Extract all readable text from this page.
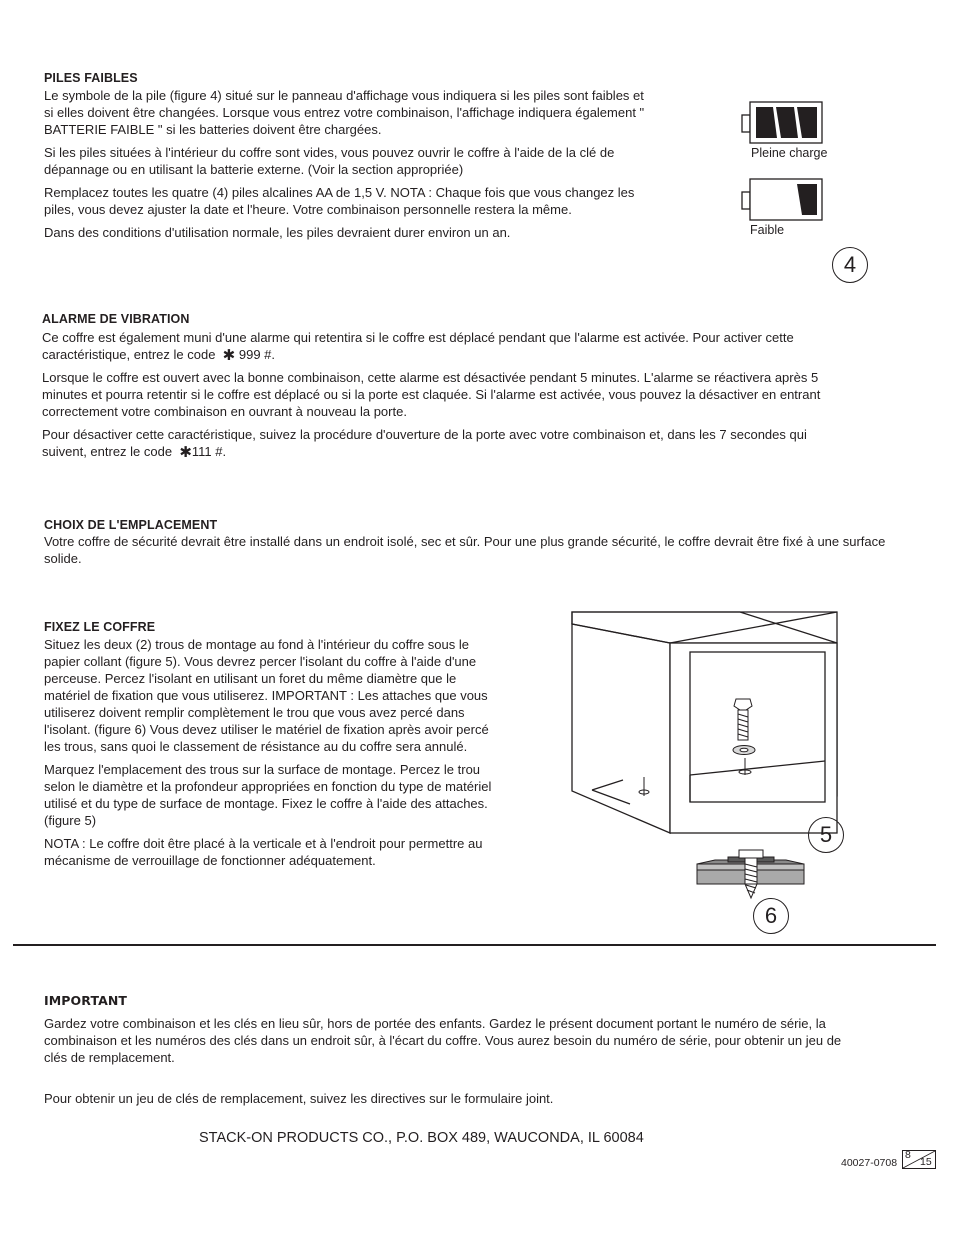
PILES FAIBLES

Le symbole de la pile (figure 4) situé sur le panneau d'affichage vous indiquera si les piles sont faibles et si elles doivent être changées. Lorsque vous entrez votre combinaison, l'affichage indiquera également " BATTERIE FAIBLE " si les batteries doivent être chargées.

Si les piles situées à l'intérieur du coffre sont vides, vous pouvez ouvrir le coffre à l'aide de la clé de dépannage ou en utilisant la batterie externe. (Voir la section appropriée)

Remplacez toutes les quatre (4) piles alcalines AA de 1,5 V. NOTA : Chaque fois que vous changez les piles, vous devez ajuster la date et l'heure. Votre combinaison personnelle restera la même.

Dans des conditions d'utilisation normale, les piles devraient durer environ un an.

Pleine charge
Faible
4
ALARME DE VIBRATION

Ce coffre est également muni d'une alarme qui retentira si le coffre est déplacé pendant que l'alarme est activée. Pour activer cette caractéristique, entrez le code ✱ 999 #.

Lorsque le coffre est ouvert avec la bonne combinaison, cette alarme est désactivée pendant 5 minutes. L'alarme se réactivera après 5 minutes et pourra retentir si le coffre est déplacé ou si la porte est claquée. Si l'alarme est activée, vous pouvez la désactiver en entrant correctement votre combinaison en ouvrant à nouveau la porte.

Pour désactiver cette caractéristique, suivez la procédure d'ouverture de la porte avec votre combinaison et, dans les 7 secondes qui suivent, entrez le code ✱111 #.

CHOIX DE L'EMPLACEMENT

Votre coffre de sécurité devrait être installé dans un endroit isolé, sec et sûr. Pour une plus grande sécurité, le coffre devrait être fixé à une surface solide.

FIXEZ LE COFFRE

Situez les deux (2) trous de montage au fond à l'intérieur du coffre sous le papier collant (figure 5). Vous devrez percer l'isolant du coffre à l'aide d'une perceuse. Percez l'isolant en utilisant un foret du même diamètre que le matériel de fixation que vous utiliserez. IMPORTANT : Les attaches que vous utiliserez doivent remplir complètement le trou que vous avez percé dans l'isolant. (figure 6) Vous devez utiliser le matériel de fixation après avoir percé les trous, sans quoi le classement de résistance au du coffre sera annulé.

Marquez l'emplacement des trous sur la surface de montage. Percez le trou selon le diamètre et la profondeur appropriées en fonction du type de matériel utilisé et du type de surface de montage. Fixez le coffre à l'aide des attaches. (figure 5)

NOTA : Le coffre doit être placé à la verticale et à l'endroit pour permettre au mécanisme de verrouillage de fonctionner adéquatement.

5
6
IMPORTANT

Gardez votre combinaison et les clés en lieu sûr, hors de portée des enfants. Gardez le présent document portant le numéro de série, la combinaison et les numéros des clés dans un endroit sûr, à l'écart du coffre. Vous aurez besoin du numéro de série, pour obtenir un jeu de clés de remplacement.

Pour obtenir un jeu de clés de remplacement, suivez les directives sur le formulaire joint.

STACK-ON PRODUCTS CO., P.O. BOX 489, WAUCONDA, IL 60084
40027-0708
8
15
